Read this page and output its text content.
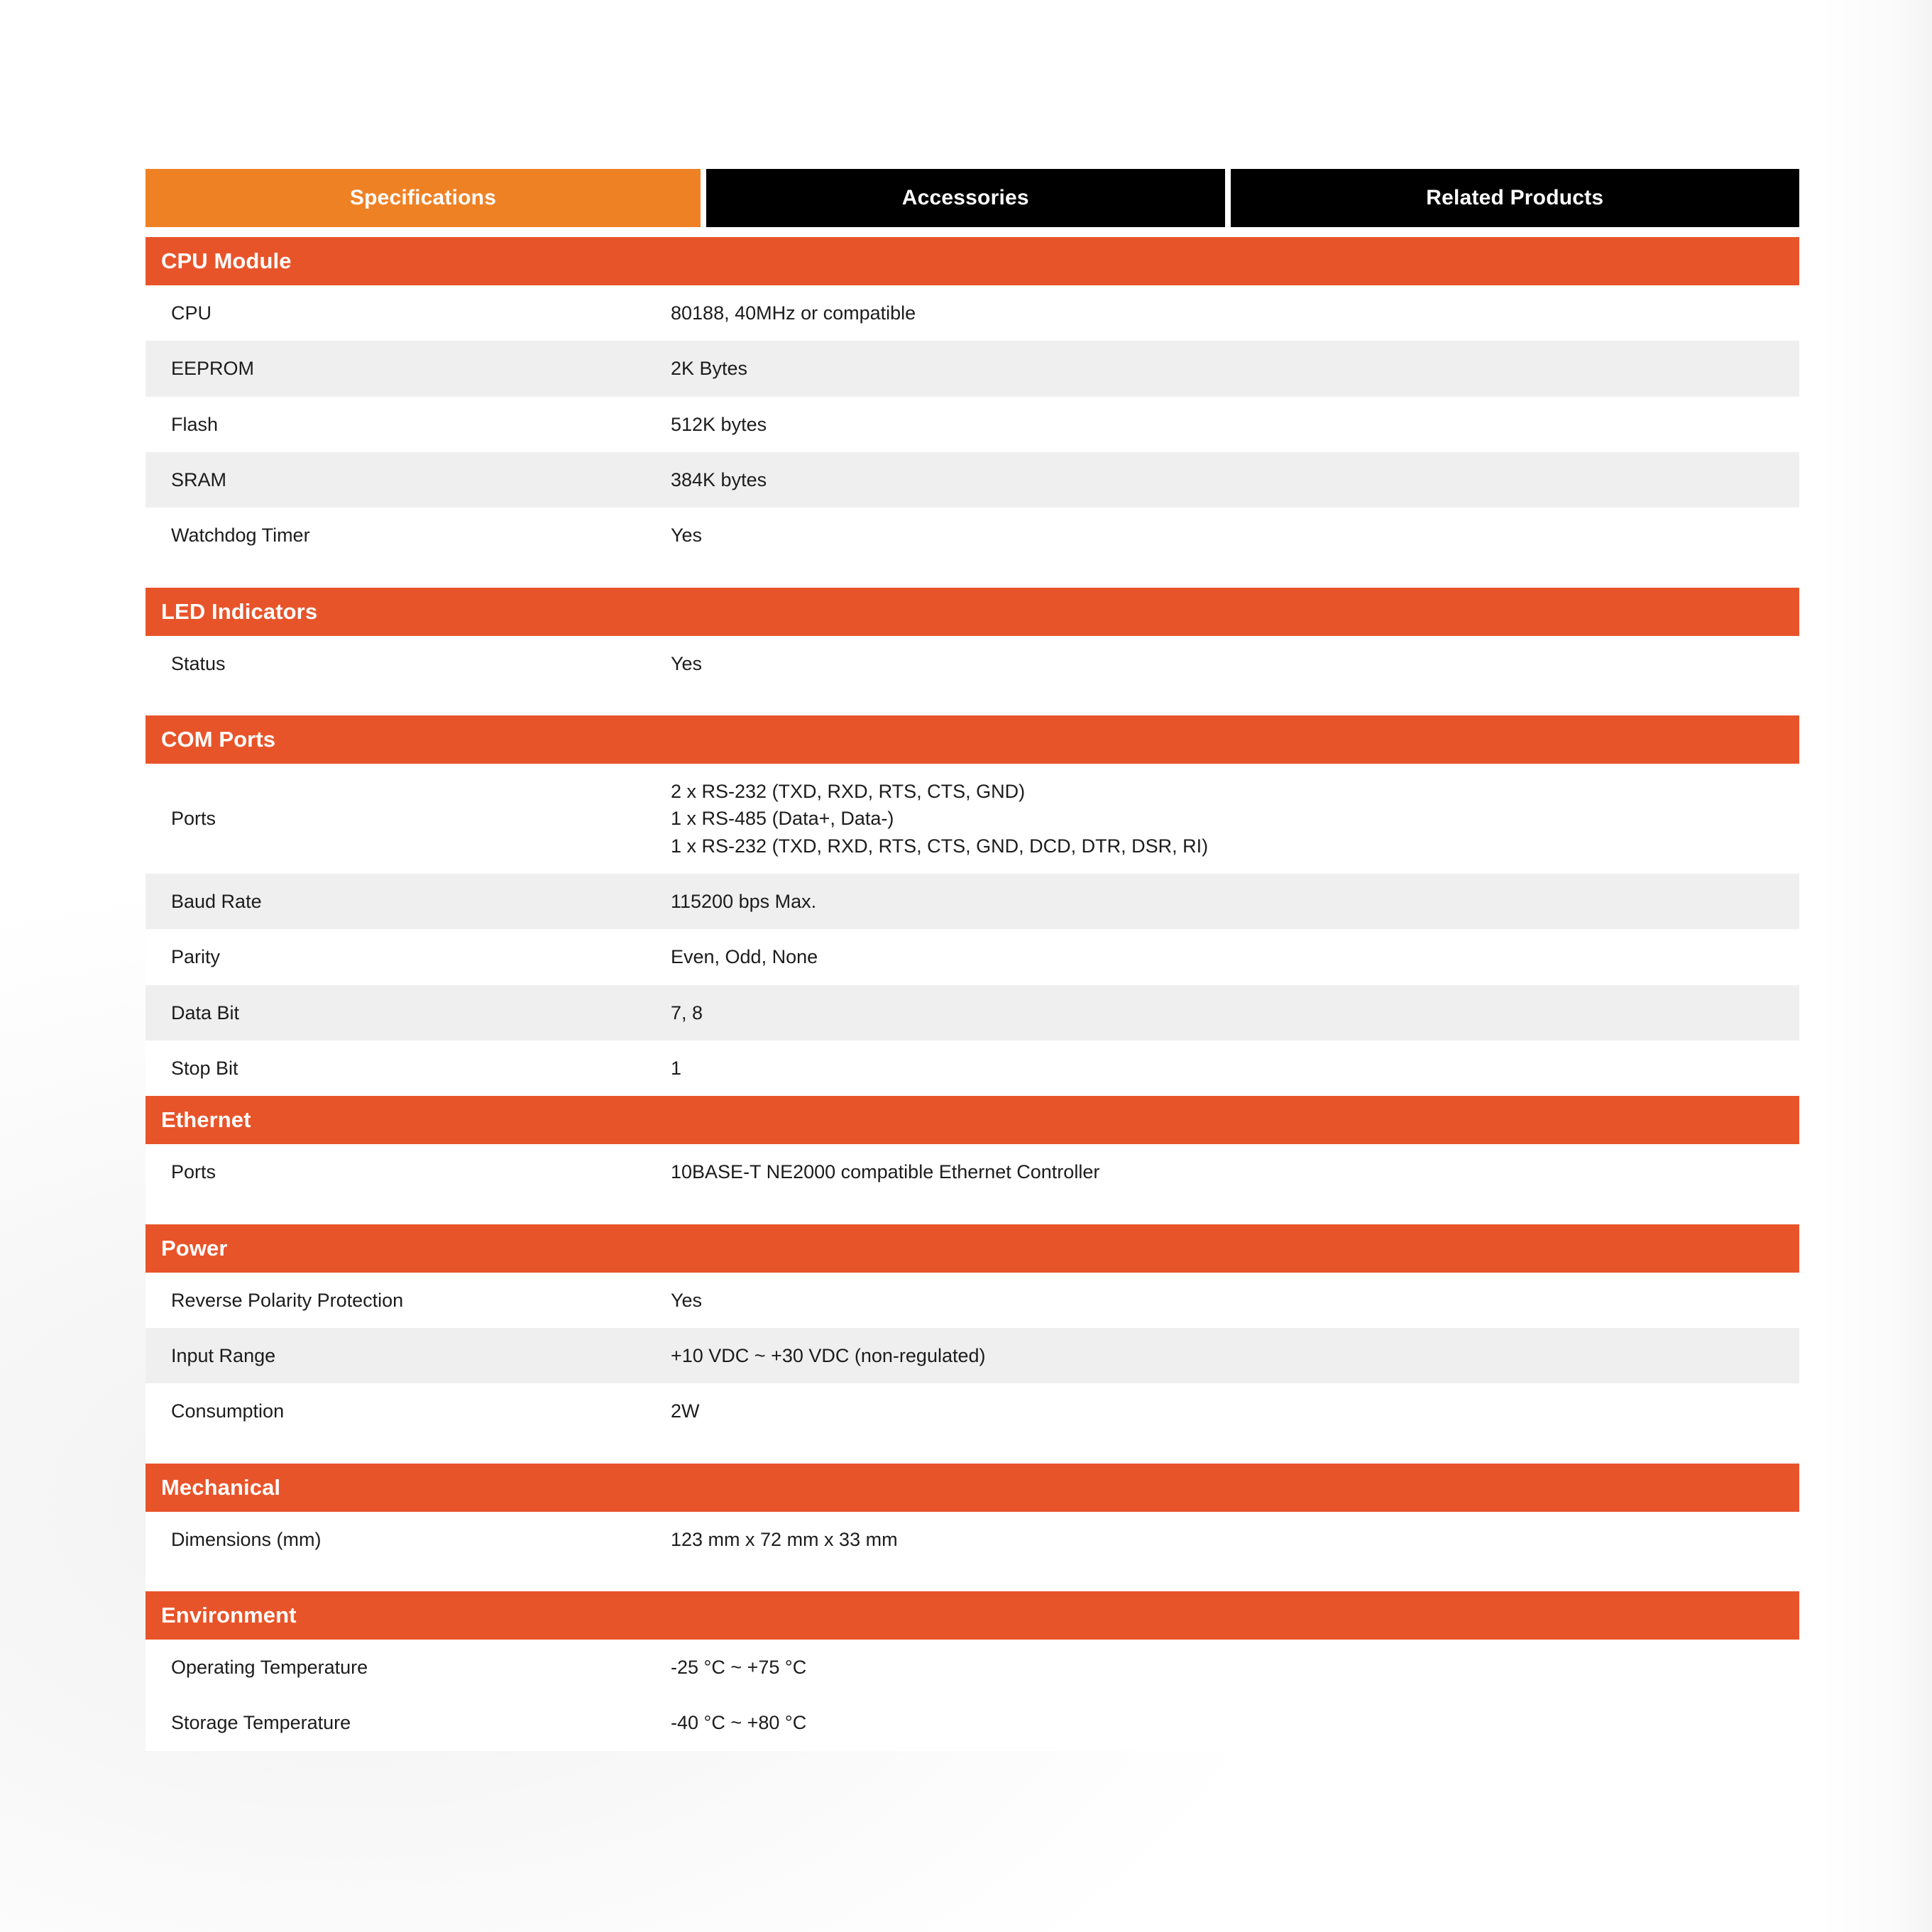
Specifications	Accessories	Related Products
CPU Module	
CPU	80188, 40MHz or compatible
EEPROM	2K Bytes
Flash	512K bytes
SRAM	384K bytes
Watchdog Timer	Yes

LED Indicators	
Status	Yes

COM Ports	
Ports	2 x RS-232 (TXD, RXD, RTS, CTS, GND)
1 x RS-485 (Data+, Data-)
1 x RS-232 (TXD, RXD, RTS, CTS, GND, DCD, DTR, DSR, RI)

Baud Rate	115200 bps Max.
Parity	Even, Odd, None
Data Bit	7, 8
Stop Bit	1
Ethernet	
Ports	10BASE-T NE2000 compatible Ethernet Controller

Power	
Reverse Polarity Protection	Yes
Input Range	+10 VDC ~ +30 VDC (non-regulated)
Consumption	2W

Mechanical	
Dimensions (mm)	123 mm x 72 mm x 33 mm

Environment	
Operating Temperature	-25 °C ~ +75 °C
Storage Temperature	-40 °C ~ +80 °C
